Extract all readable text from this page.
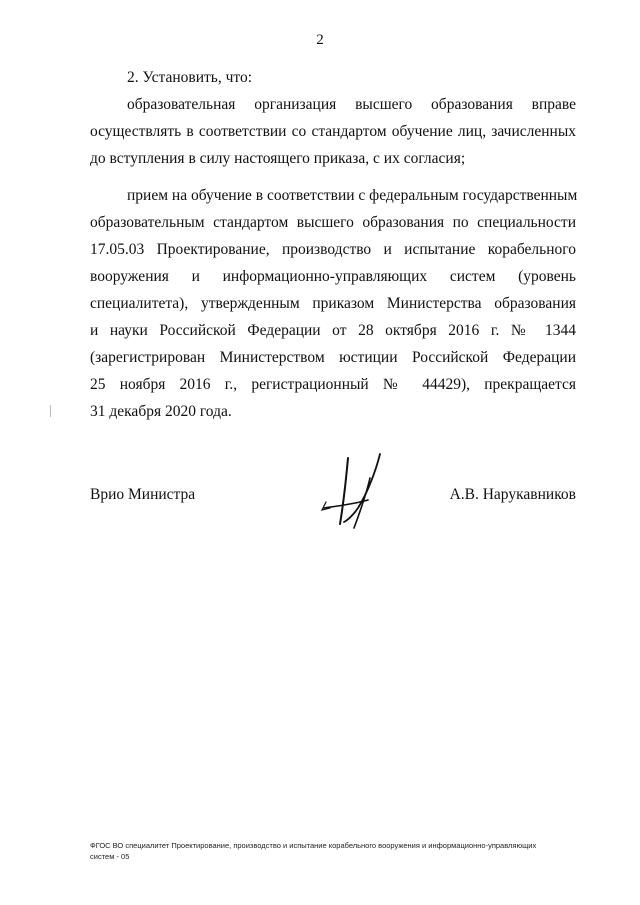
2
2. Установить, что:
образовательная организация высшего образования вправе
осуществлять в соответствии со стандартом обучение лиц, зачисленных
до вступления в силу настоящего приказа, с их согласия;
прием на обучение в соответствии с федеральным государственным
образовательным стандартом высшего образования по специальности
17.05.03 Проектирование, производство и испытание корабельного
вооружения и информационно-управляющих систем (уровень
специалитета), утвержденным приказом Министерства образования
и науки Российской Федерации от 28 октября 2016 г. № 1344
(зарегистрирован Министерством юстиции Российской Федерации
25 ноября 2016 г., регистрационный № 44429), прекращается
31 декабря 2020 года.
Врио Министра	А.В. Нарукавников
ФГОС ВО специалитет Проектирование, производство и испытание корабельного вооружения и информационно-управляющих
систем - 05
